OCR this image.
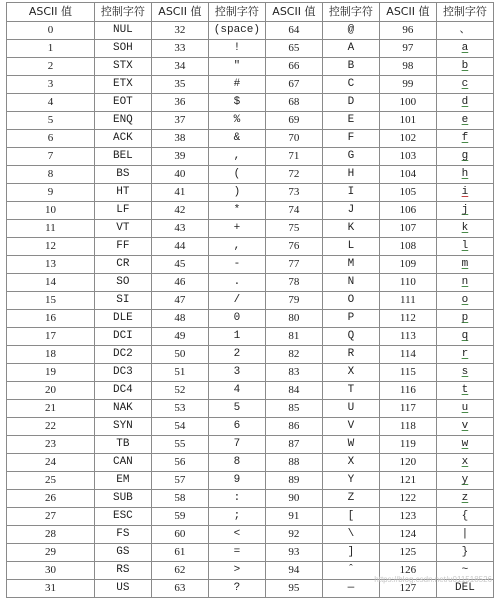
ASCII 值	控制字符	ASCII 值	控制字符	ASCII 值	控制字符	ASCII 值	控制字符
0	NUL	32	(space)	64	@	96	、
1	SOH	33	!	65	A	97	a
2	STX	34	"	66	B	98	b
3	ETX	35	#	67	C	99	c
4	EOT	36	$	68	D	100	d
5	ENQ	37	%	69	E	101	e
6	ACK	38	&	70	F	102	f
7	BEL	39	,	71	G	103	g
8	BS	40	(	72	H	104	h
9	HT	41	)	73	I	105	i
10	LF	42	*	74	J	106	j
11	VT	43	+	75	K	107	k
12	FF	44	,	76	L	108	l
13	CR	45	-	77	M	109	m
14	SO	46	.	78	N	110	n
15	SI	47	/	79	O	111	o
16	DLE	48	0	80	P	112	p
17	DCI	49	1	81	Q	113	q
18	DC2	50	2	82	R	114	r
19	DC3	51	3	83	X	115	s
20	DC4	52	4	84	T	116	t
21	NAK	53	5	85	U	117	u
22	SYN	54	6	86	V	118	v
23	TB	55	7	87	W	119	w
24	CAN	56	8	88	X	120	x
25	EM	57	9	89	Y	121	y
26	SUB	58	:	90	Z	122	z
27	ESC	59	;	91	[	123	{
28	FS	60	<	92	\	124	|
29	GS	61	=	93	]	125	}
30	RS	62	>	94	ˆ	126	~
31	US	63	?	95	—	127	DEL
https://blog.csdn.net/u011518526
